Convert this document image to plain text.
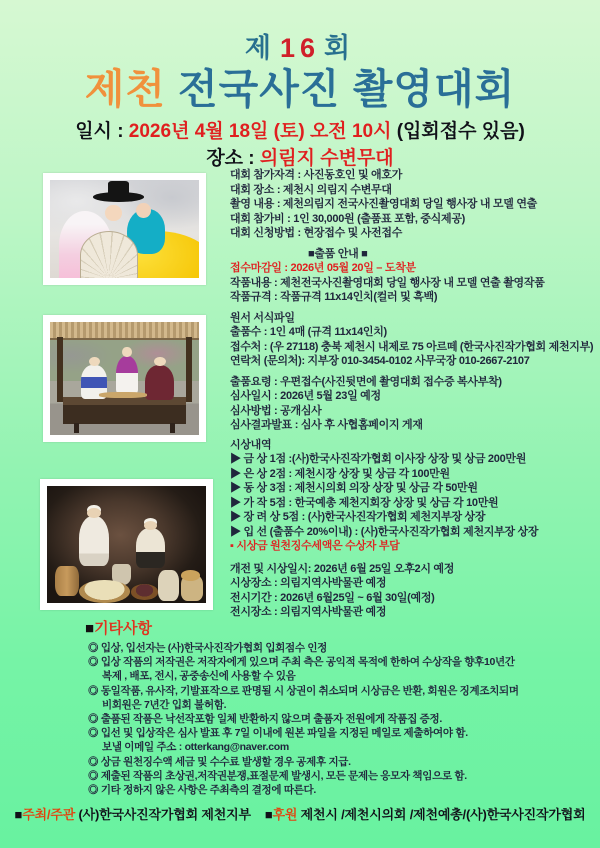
제 16 회
제천 전국사진 촬영대회
일시 : 2026년 4월 18일 (토) 오전 10시 (입회접수 있음)
장소 : 의림지 수변무대
대회 참가자격 : 사진동호인 및 애호가
대회 장소 : 제천시 의림지 수변무대
촬영 내용 : 제천의림지 전국사진촬영대회 당일 행사장 내 모델 연출
대회 참가비 : 1인 30,000원 (출품표 포함, 중식제공)
대회 신청방법 : 현장접수 및 사전접수
■출품 안내 ■
접수마감일 : 2026년 05월 20일 – 도착분
작품내용 : 제천전국사진촬영대회 당일 행사장 내 모델 연출 촬영작품
작품규격 : 작품규격 11x14인치(컬러 및 흑백)
원서 서식파일
출품수 : 1인 4매 (규격 11x14인치)
접수처 : (우 27118) 충북 제천시 내제로 75 아르떼 (한국사진작가협회 제천지부)
연락처 (문의처): 지부장 010-3454-0102 사무국장 010-2667-2107
출품요령 : 우편접수(사진뒷면에 촬영대회 접수증 복사부착)
심사일시 : 2026년 5월 23일 예정
심사방법 : 공개심사
심사결과발표 : 심사 후 사협홈페이지 게재
시상내역
▶ 금 상 1점 :(사)한국사진작가협회 이사장 상장 및 상금 200만원
▶ 은 상 2점 : 제천시장 상장 및 상금 각 100만원
▶ 동 상 3점 : 제천시의회 의장 상장 및 상금 각 50만원
▶ 가 작 5점 : 한국예총 제천지회장 상장 및 상금 각 10만원
▶ 장 려 상 5점 : (사)한국사진작가협회 제천지부장 상장
▶ 입 선 (출품수 20%이내) : (사)한국사진작가협회 제천지부장 상장
▪ 시상금 원천징수세액은 수상자 부담
개전 및 시상일시: 2026년 6월 25일 오후2시 예정
시상장소 : 의림지역사박물관 예정
전시기간 : 2026년 6월25일 ~ 6월 30일(예정)
전시장소 : 의림지역사박물관 예정
■기타사항
◎ 입상, 입선자는 (사)한국사진작가협회 입회점수 인정
◎ 입상 작품의 저작권은 저작자에게 있으며 주최 측은 공익적 목적에 한하여 수상작을 향후10년간
복제 , 배포, 전시, 공중송신에 사용할 수 있음
◎ 동일작품, 유사작, 기발표작으로 판명될 시 상권이 취소되며 시상금은 반환, 회원은 징계조치되며
비회원은 7년간 입회 불허함.
◎ 출품된 작품은 낙선작포함 일체 반환하지 않으며 출품자 전원에게 작품집 증정.
◎ 입선 및 입상작은 심사 발표 후 7일 이내에 원본 파일을 지정된 메일로 제출하여야 함.
보낼 이메일 주소 : otterkang@naver.com
◎ 상금 원천징수액 세금 및 수수료 발생할 경우 공제후 지급.
◎ 제출된 작품의 초상권,저작권분쟁,표절문제 발생시, 모든 문제는 응모자 책임으로 함.
◎ 기타 정하지 않은 사항은 주최측의 결정에 따른다.
■주최/주관 (사)한국사진작가협회 제천지부 ■후원 제천시 /제천시의회 /제천예총/(사)한국사진작가협회
